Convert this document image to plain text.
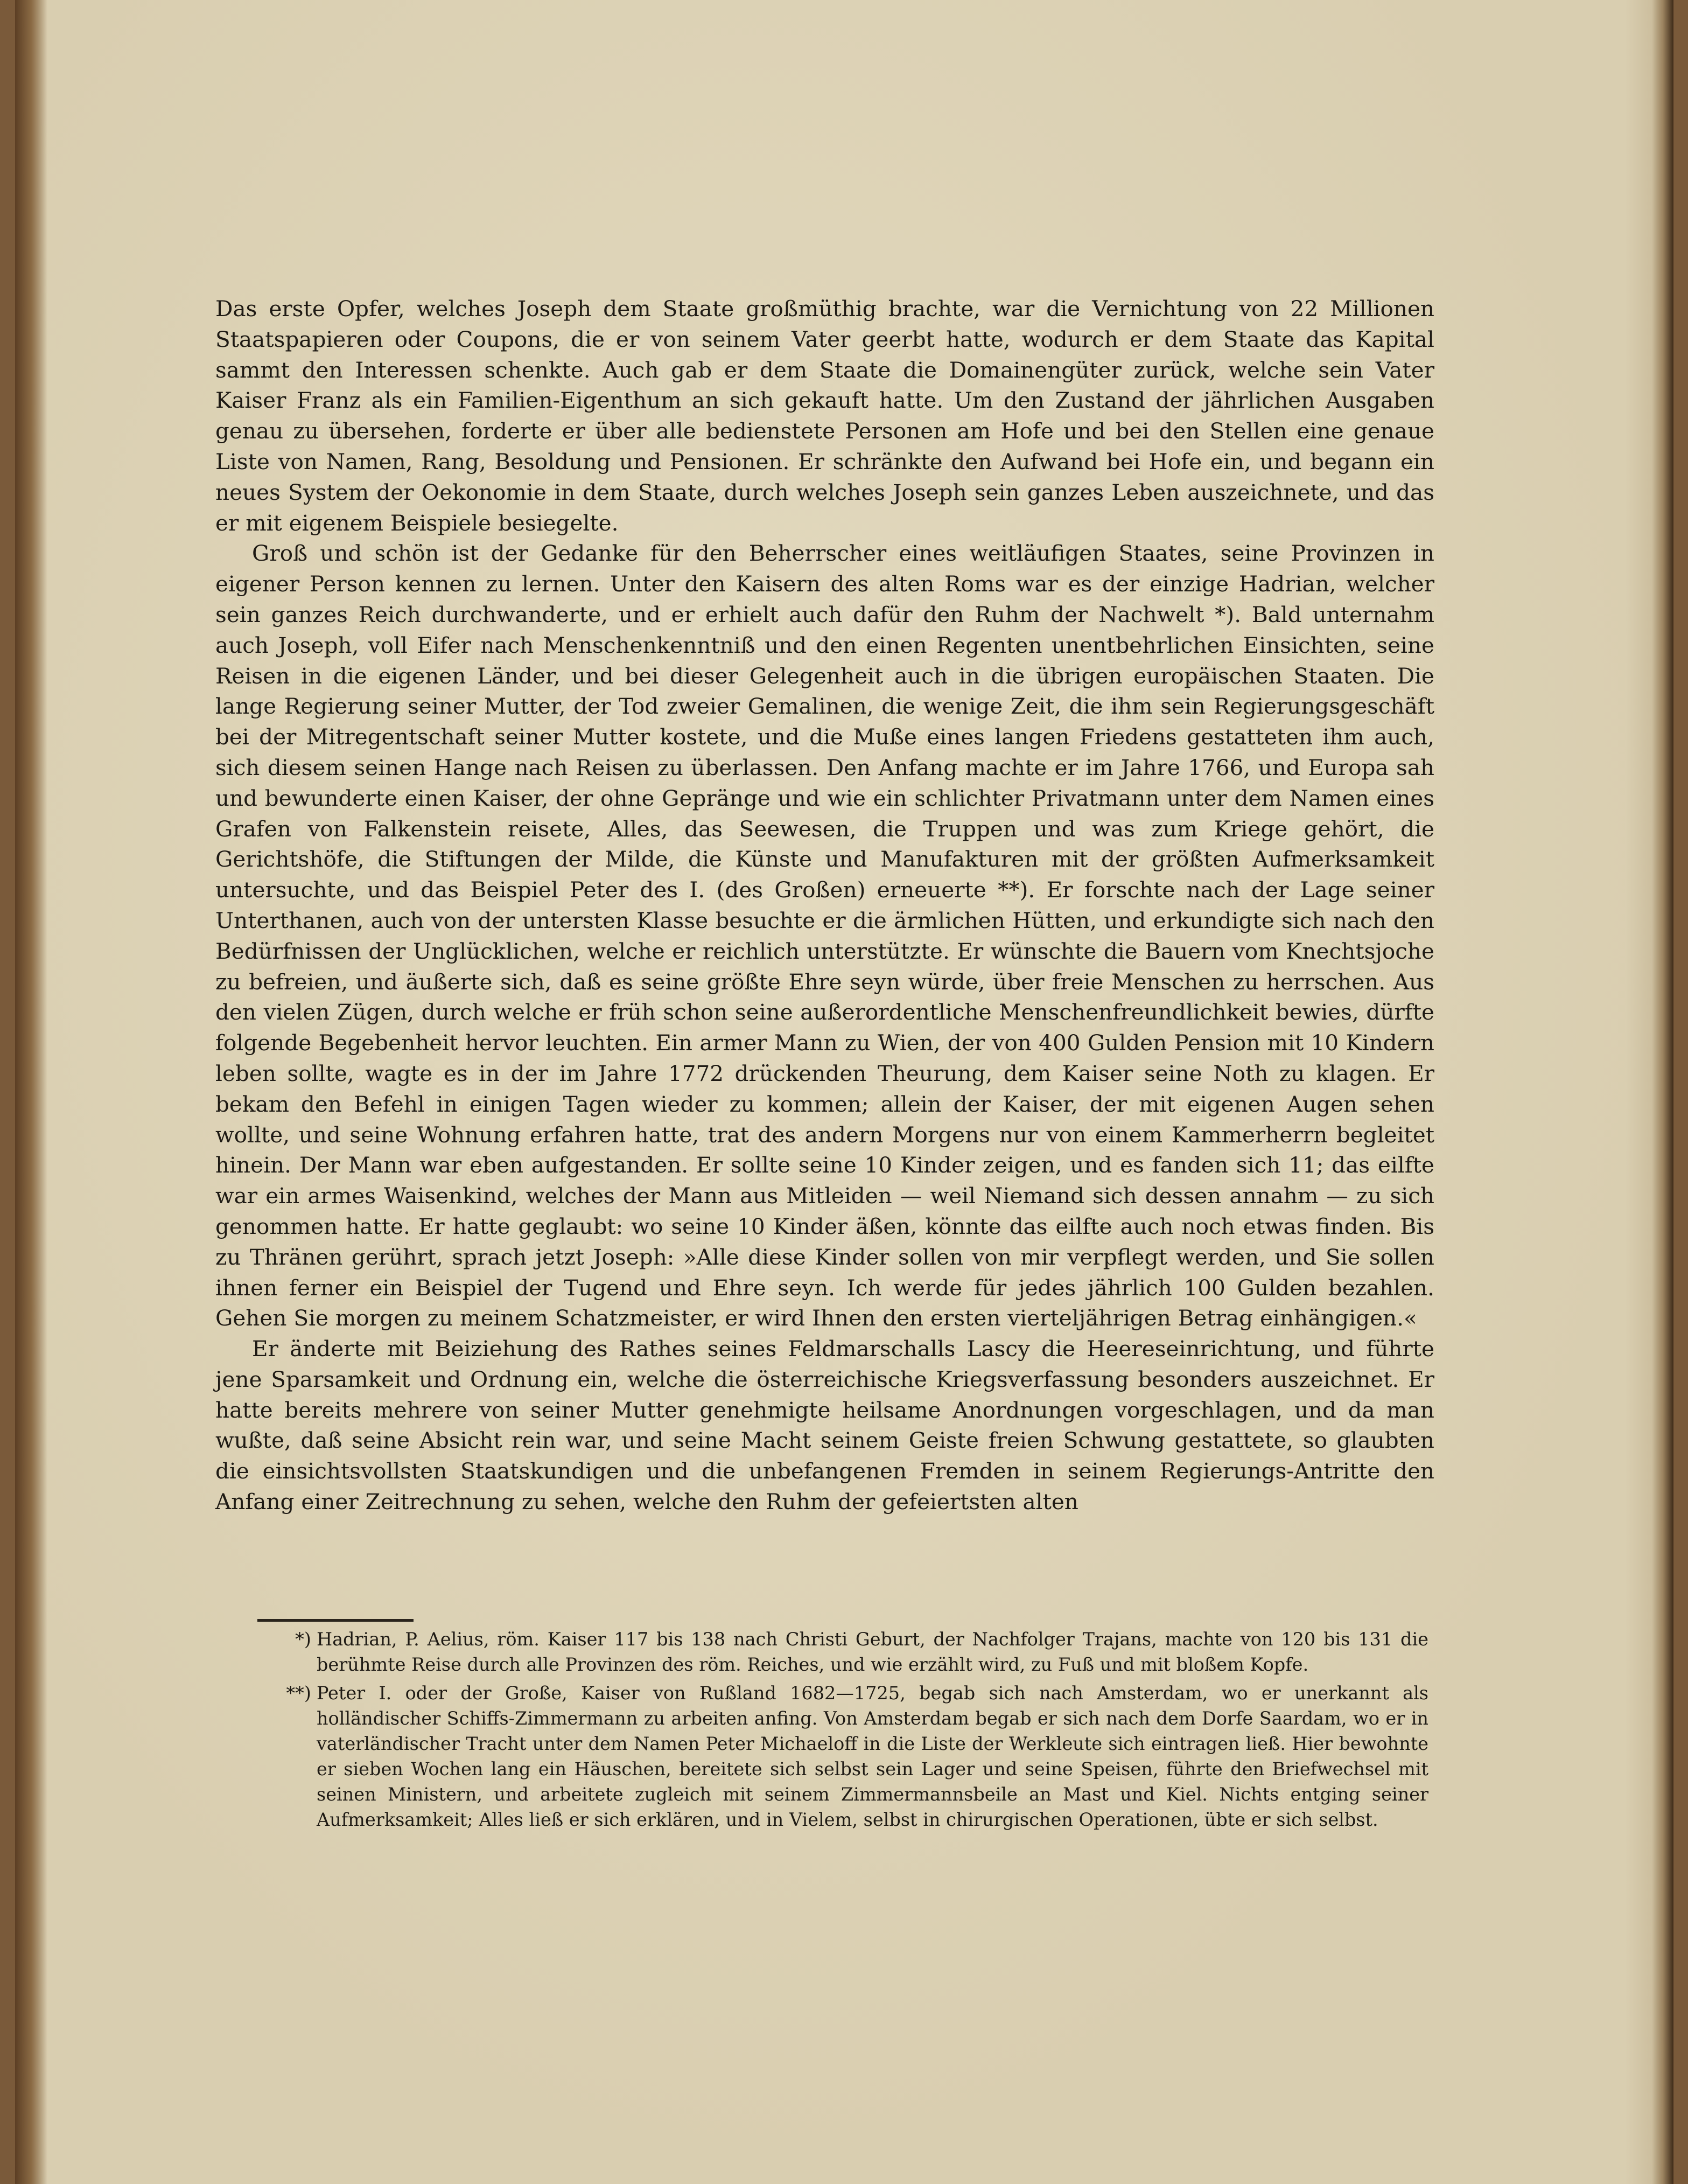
Das erste Opfer, welches Joseph dem Staate großmüthig brachte, war die Vernichtung von 22 Millionen Staatspapieren oder Coupons, die er von seinem Vater geerbt hatte, wodurch er dem Staate das Kapital sammt den Interessen schenkte. Auch gab er dem Staate die Domainengüter zurück, welche sein Vater Kaiser Franz als ein Familien-Eigenthum an sich gekauft hatte. Um den Zustand der jährlichen Ausgaben genau zu übersehen, forderte er über alle bedienstete Personen am Hofe und bei den Stellen eine genaue Liste von Namen, Rang, Besoldung und Pensionen. Er schränkte den Aufwand bei Hofe ein, und begann ein neues System der Oekonomie in dem Staate, durch welches Joseph sein ganzes Leben auszeichnete, und das er mit eigenem Beispiele besiegelte.

Groß und schön ist der Gedanke für den Beherrscher eines weitläufigen Staates, seine Provinzen in eigener Person kennen zu lernen. Unter den Kaisern des alten Roms war es der einzige Hadrian, welcher sein ganzes Reich durchwanderte, und er erhielt auch dafür den Ruhm der Nachwelt *). Bald unternahm auch Joseph, voll Eifer nach Menschenkenntniß und den einen Regenten unentbehrlichen Einsichten, seine Reisen in die eigenen Länder, und bei dieser Gelegenheit auch in die übrigen europäischen Staaten. Die lange Regierung seiner Mutter, der Tod zweier Gemalinen, die wenige Zeit, die ihm sein Regierungsgeschäft bei der Mitregentschaft seiner Mutter kostete, und die Muße eines langen Friedens gestatteten ihm auch, sich diesem seinen Hange nach Reisen zu überlassen. Den Anfang machte er im Jahre 1766, und Europa sah und bewunderte einen Kaiser, der ohne Gepränge und wie ein schlichter Privatmann unter dem Namen eines Grafen von Falkenstein reisete, Alles, das Seewesen, die Truppen und was zum Kriege gehört, die Gerichtshöfe, die Stiftungen der Milde, die Künste und Manufakturen mit der größten Aufmerksamkeit untersuchte, und das Beispiel Peter des I. (des Großen) erneuerte **). Er forschte nach der Lage seiner Unterthanen, auch von der untersten Klasse besuchte er die ärmlichen Hütten, und erkundigte sich nach den Bedürfnissen der Unglücklichen, welche er reichlich unterstützte. Er wünschte die Bauern vom Knechtsjoche zu befreien, und äußerte sich, daß es seine größte Ehre seyn würde, über freie Menschen zu herrschen. Aus den vielen Zügen, durch welche er früh schon seine außerordentliche Menschenfreundlichkeit bewies, dürfte folgende Begebenheit hervor leuchten. Ein armer Mann zu Wien, der von 400 Gulden Pension mit 10 Kindern leben sollte, wagte es in der im Jahre 1772 drückenden Theurung, dem Kaiser seine Noth zu klagen. Er bekam den Befehl in einigen Tagen wieder zu kommen; allein der Kaiser, der mit eigenen Augen sehen wollte, und seine Wohnung erfahren hatte, trat des andern Morgens nur von einem Kammerherrn begleitet hinein. Der Mann war eben aufgestanden. Er sollte seine 10 Kinder zeigen, und es fanden sich 11; das eilfte war ein armes Waisenkind, welches der Mann aus Mitleiden — weil Niemand sich dessen annahm — zu sich genommen hatte. Er hatte geglaubt: wo seine 10 Kinder äßen, könnte das eilfte auch noch etwas finden. Bis zu Thränen gerührt, sprach jetzt Joseph: »Alle diese Kinder sollen von mir verpflegt werden, und Sie sollen ihnen ferner ein Beispiel der Tugend und Ehre seyn. Ich werde für jedes jährlich 100 Gulden bezahlen. Gehen Sie morgen zu meinem Schatzmeister, er wird Ihnen den ersten vierteljährigen Betrag einhängigen.«

Er änderte mit Beiziehung des Rathes seines Feldmarschalls Lascy die Heereseinrichtung, und führte jene Sparsamkeit und Ordnung ein, welche die österreichische Kriegsverfassung besonders auszeichnet. Er hatte bereits mehrere von seiner Mutter genehmigte heilsame Anordnungen vorgeschlagen, und da man wußte, daß seine Absicht rein war, und seine Macht seinem Geiste freien Schwung gestattete, so glaubten die einsichtsvollsten Staatskundigen und die unbefangenen Fremden in seinem Regierungs-Antritte den Anfang einer Zeitrechnung zu sehen, welche den Ruhm der gefeiertsten alten

*) Hadrian, P. Aelius, röm. Kaiser 117 bis 138 nach Christi Geburt, der Nachfolger Trajans, machte von 120 bis 131 die berühmte Reise durch alle Provinzen des röm. Reiches, und wie erzählt wird, zu Fuß und mit bloßem Kopfe.
**) Peter I. oder der Große, Kaiser von Rußland 1682—1725, begab sich nach Amsterdam, wo er unerkannt als holländischer Schiffs-Zimmermann zu arbeiten anfing. Von Amsterdam begab er sich nach dem Dorfe Saardam, wo er in vaterländischer Tracht unter dem Namen Peter Michaeloff in die Liste der Werkleute sich eintragen ließ. Hier bewohnte er sieben Wochen lang ein Häuschen, bereitete sich selbst sein Lager und seine Speisen, führte den Briefwechsel mit seinen Ministern, und arbeitete zugleich mit seinem Zimmermannsbeile an Mast und Kiel. Nichts entging seiner Aufmerksamkeit; Alles ließ er sich erklären, und in Vielem, selbst in chirurgischen Operationen, übte er sich selbst.
